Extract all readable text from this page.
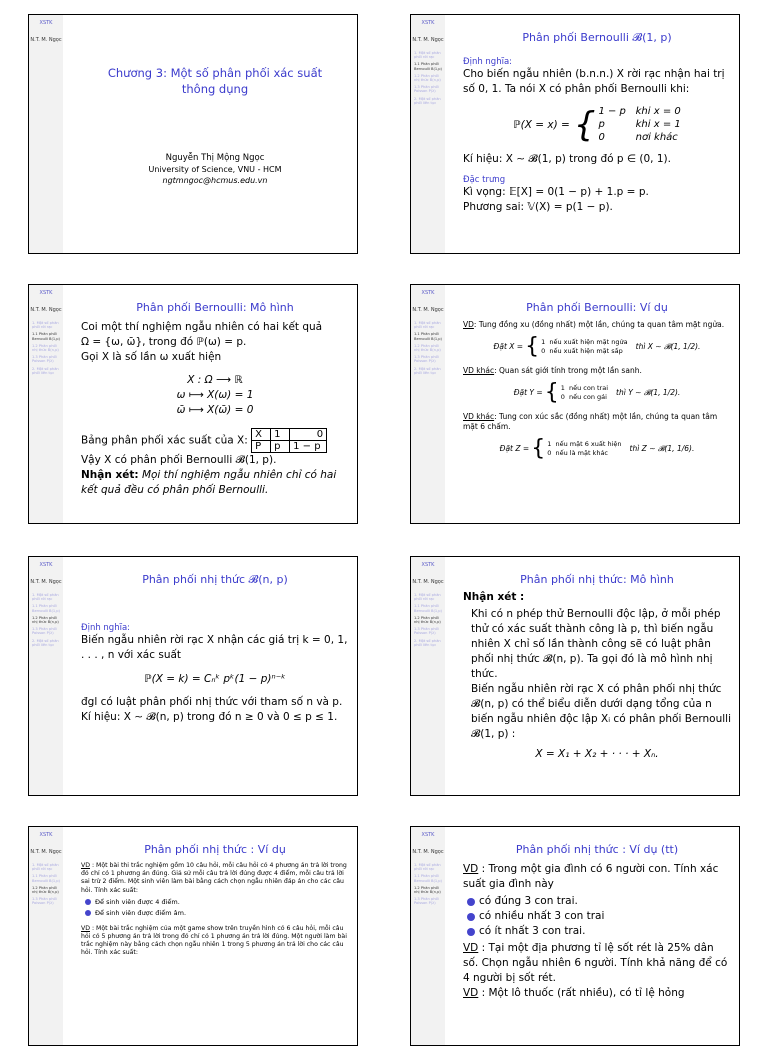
XSTK
N.T. M. Ngọc
Chương 3: Một số phân phối xác suất thông dụng
Nguyễn Thị Mộng Ngọc
University of Science, VNU - HCM
ngtmngoc@hcmus.edu.vn
XSTK
N.T. M. Ngọc
1. Một số phân phối rời rạc
1.1 Phân phối Bernoulli B(1,p)
1.2 Phân phối nhị thức B(n,p)
1.3 Phân phối Poisson P(λ)
2. Một số phân phối liên tục
Phân phối Bernoulli 𝓑(1, p)
Định nghĩa:

Cho biến ngẫu nhiên (b.n.n.) X rời rạc nhận hai trị số 0, 1. Ta nói X có phân phối Bernoulli khi:

ℙ(X = x) = { 1 − p khi x = 0
p	khi x = 1
0	nơi khác

Kí hiệu: X ∼ 𝓑(1, p) trong đó p ∈ (0, 1).

Đặc trưng

Kì vọng: 𝔼[X] = 0(1 − p) + 1.p = p.

Phương sai: 𝕍(X) = p(1 − p).

XSTK
N.T. M. Ngọc
1. Một số phân phối rời rạc
1.1 Phân phối Bernoulli B(1,p)
1.2 Phân phối nhị thức B(n,p)
1.3 Phân phối Poisson P(λ)
2. Một số phân phối liên tục
Phân phối Bernoulli: Mô hình

Coi một thí nghiệm ngẫu nhiên có hai kết quả

Ω = {ω, ω̄}, trong đó ℙ(ω) = p.

Gọi X là số lần ω xuất hiện

X : Ω ⟶ ℝ
ω ⟼ X(ω) = 1
ω̄ ⟼ X(ω̄) = 0
Bảng phân phối xác suất của X: X	1	0
P	p	1 − p

Vậy X có phân phối Bernoulli 𝓑(1, p).

Nhận xét: Mọi thí nghiệm ngẫu nhiên chỉ có hai kết quả đều có phân phối Bernoulli.

XSTK
N.T. M. Ngọc
1. Một số phân phối rời rạc
1.1 Phân phối Bernoulli B(1,p)
1.2 Phân phối nhị thức B(n,p)
1.3 Phân phối Poisson P(λ)
2. Một số phân phối liên tục
Phân phối Bernoulli: Ví dụ

VD: Tung đồng xu (đồng nhất) một lần, chúng ta quan tâm mặt ngửa.

Đặt X = { 1 nếu xuất hiện mặt ngửa
0 nếu xuất hiện mặt sấp	thì X ∼ 𝓑(1, 1/2).

VD khác: Quan sát giới tính trong một lần sanh.

Đặt Y = { 1 nếu con trai
0 nếu con gái thì Y ∼ 𝓑(1, 1/2).

VD khác: Tung con xúc sắc (đồng nhất) một lần, chúng ta quan tâm mặt 6 chấm.

Đặt Z = { 1 nếu mặt 6 xuất hiện
0 nếu là mặt khác	thì Z ∼ 𝓑(1, 1/6).
XSTK
N.T. M. Ngọc
1. Một số phân phối rời rạc
1.1 Phân phối Bernoulli B(1,p)
1.2 Phân phối nhị thức B(n,p)
1.3 Phân phối Poisson P(λ)
2. Một số phân phối liên tục
Phân phối nhị thức 𝓑(n, p)
Định nghĩa:

Biến ngẫu nhiên rời rạc X nhận các giá trị k = 0, 1, . . . , n với xác suất

ℙ(X = k) = Cₙᵏ pᵏ(1 − p)ⁿ⁻ᵏ

đgl có luật phân phối nhị thức với tham số n và p. Kí hiệu: X ∼ 𝓑(n, p) trong đó n ≥ 0 và 0 ≤ p ≤ 1.

XSTK
N.T. M. Ngọc
1. Một số phân phối rời rạc
1.1 Phân phối Bernoulli B(1,p)
1.2 Phân phối nhị thức B(n,p)
1.3 Phân phối Poisson P(λ)
2. Một số phân phối liên tục
Phân phối nhị thức: Mô hình

Nhận xét :

• Khi có n phép thử Bernoulli độc lập, ở mỗi phép thử có xác suất thành công là p, thì biến ngẫu nhiên X chỉ số lần thành công sẽ có luật phân phối nhị thức 𝓑(n, p). Ta gọi đó là mô hình nhị thức.
• Biến ngẫu nhiên rời rạc X có phân phối nhị thức 𝓑(n, p) có thể biểu diễn dưới dạng tổng của n biến ngẫu nhiên độc lập Xᵢ có phân phối Bernoulli 𝓑(1, p) :
X = X₁ + X₂ + · · · + Xₙ.
XSTK
N.T. M. Ngọc
1. Một số phân phối rời rạc
1.1 Phân phối Bernoulli B(1,p)
1.2 Phân phối nhị thức B(n,p)
1.3 Phân phối Poisson P(λ)
Phân phối nhị thức : Ví dụ

VD : Một bài thi trắc nghiệm gồm 10 câu hỏi, mỗi câu hỏi có 4 phương án trả lời trong đó chỉ có 1 phương án đúng. Giả sử mỗi câu trả lời đúng được 4 điểm, mỗi câu trả lời sai trừ 2 điểm. Một sinh viên làm bài bằng cách chọn ngẫu nhiên đáp án cho các câu hỏi. Tính xác suất:

Để sinh viên được 4 điểm.
Để sinh viên được điểm âm.

VD : Một bài trắc nghiệm của một game show trên truyền hình có 6 câu hỏi, mỗi câu hỏi có 5 phương án trả lời trong đó chỉ có 1 phương án trả lời đúng. Một người làm bài trắc nghiệm này bằng cách chọn ngẫu nhiên 1 trong 5 phương án trả lời cho các câu hỏi. Tính xác suất:

XSTK
N.T. M. Ngọc
1. Một số phân phối rời rạc
1.1 Phân phối Bernoulli B(1,p)
1.2 Phân phối nhị thức B(n,p)
1.3 Phân phối Poisson P(λ)
Phân phối nhị thức : Ví dụ (tt)

VD : Trong một gia đình có 6 người con. Tính xác suất gia đình này

có đúng 3 con trai.
có nhiều nhất 3 con trai
có ít nhất 3 con trai.

VD : Tại một địa phương tỉ lệ sốt rét là 25% dân số. Chọn ngẫu nhiên 6 người. Tính khả năng để có 4 người bị sốt rét.

VD : Một lô thuốc (rất nhiều), có tỉ lệ hỏng
